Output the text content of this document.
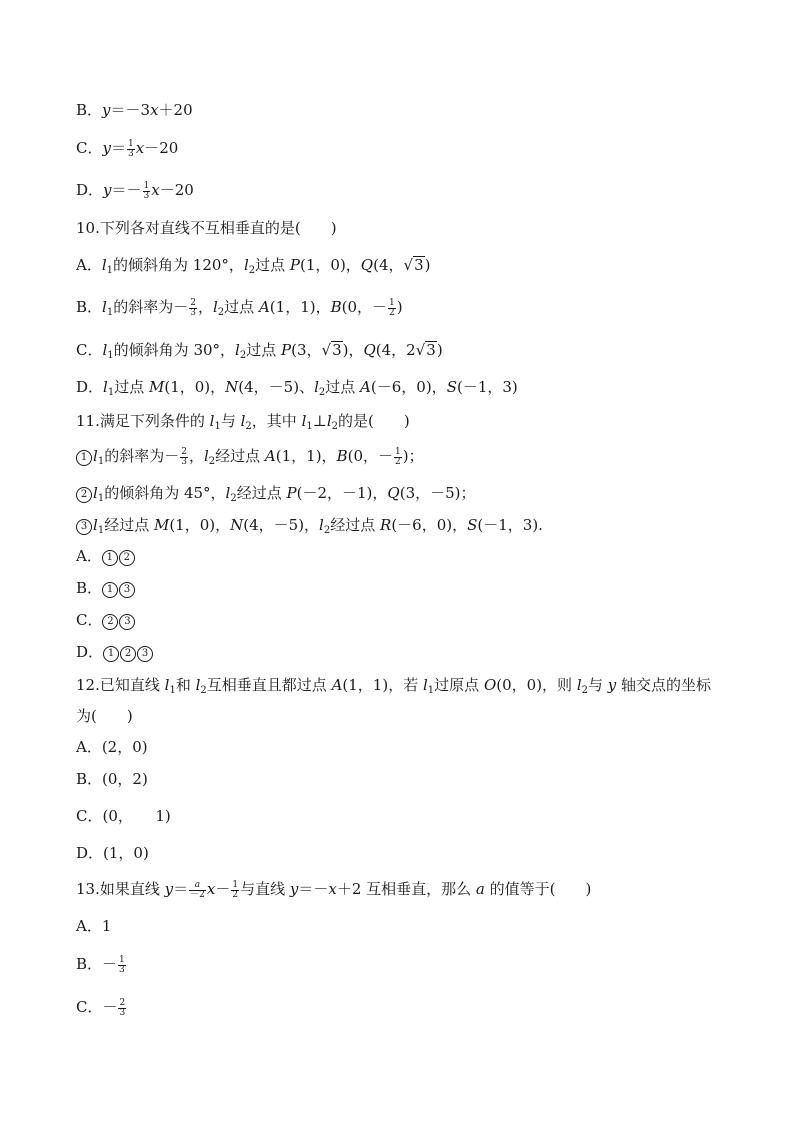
B．y＝－3x＋20
C．$y= \frac{1}{3} x-20$
D．$y=- \frac{1}{3} x-20$
10.下列各对直线不互相垂直的是(　　)
A．$l_1$的倾斜角为 120°，$l_2$过点 P(1，0)，Q(4，√3)
B．$l_1$的斜率为－ $\frac{2}{3}$ ，$l_2$过点 A(1，1)，B(0，－ $\frac{1}{2}$ )
C．$l_1$的倾斜角为 30°，$l_2$过点 P(3，√3)，Q(4，2√3)
D．$l_1$过点 M(1，0)，N(4，－5)、$l_2$过点 A(－6，0)，S(－1，3)
11.满足下列条件的 $l_1$与 $l_2$，其中 $l_1\perp l_2$的是(　　)
1 $l_1$的斜率为－ $\frac{2}{3}$ ，$l_2$经过点 A(1，1)，B(0，－ $\frac{1}{2}$ )；
2 $l_1$的倾斜角为 45°，$l_2$经过点 P(－2，－1)，Q(3，－5)；
3 $l_1$经过点 M(1，0)，N(4，－5)，$l_2$经过点 R(－6，0)，S(－1，3).
A． 1 2
B． 1 3
C． 2 3
D． 1 2 3
12.已知直线 $l_1$和 $l_2$互相垂直且都过点 A(1，1)，若 $l_1$过原点 O(0，0)，则 $l_2$与 y 轴交点的坐标
为(　　)
A．(2，0)
B．(0，2)
C．(0，　　1)
D．(1，0)
13.如果直线 $y= \frac{a}{-2} x- \frac{1}{2}$ 与直线 y＝－x＋2 互相垂直，那么 a 的值等于(　　)
A．1
B．－ $\frac{1}{3}$
C．－ $\frac{2}{3}$
